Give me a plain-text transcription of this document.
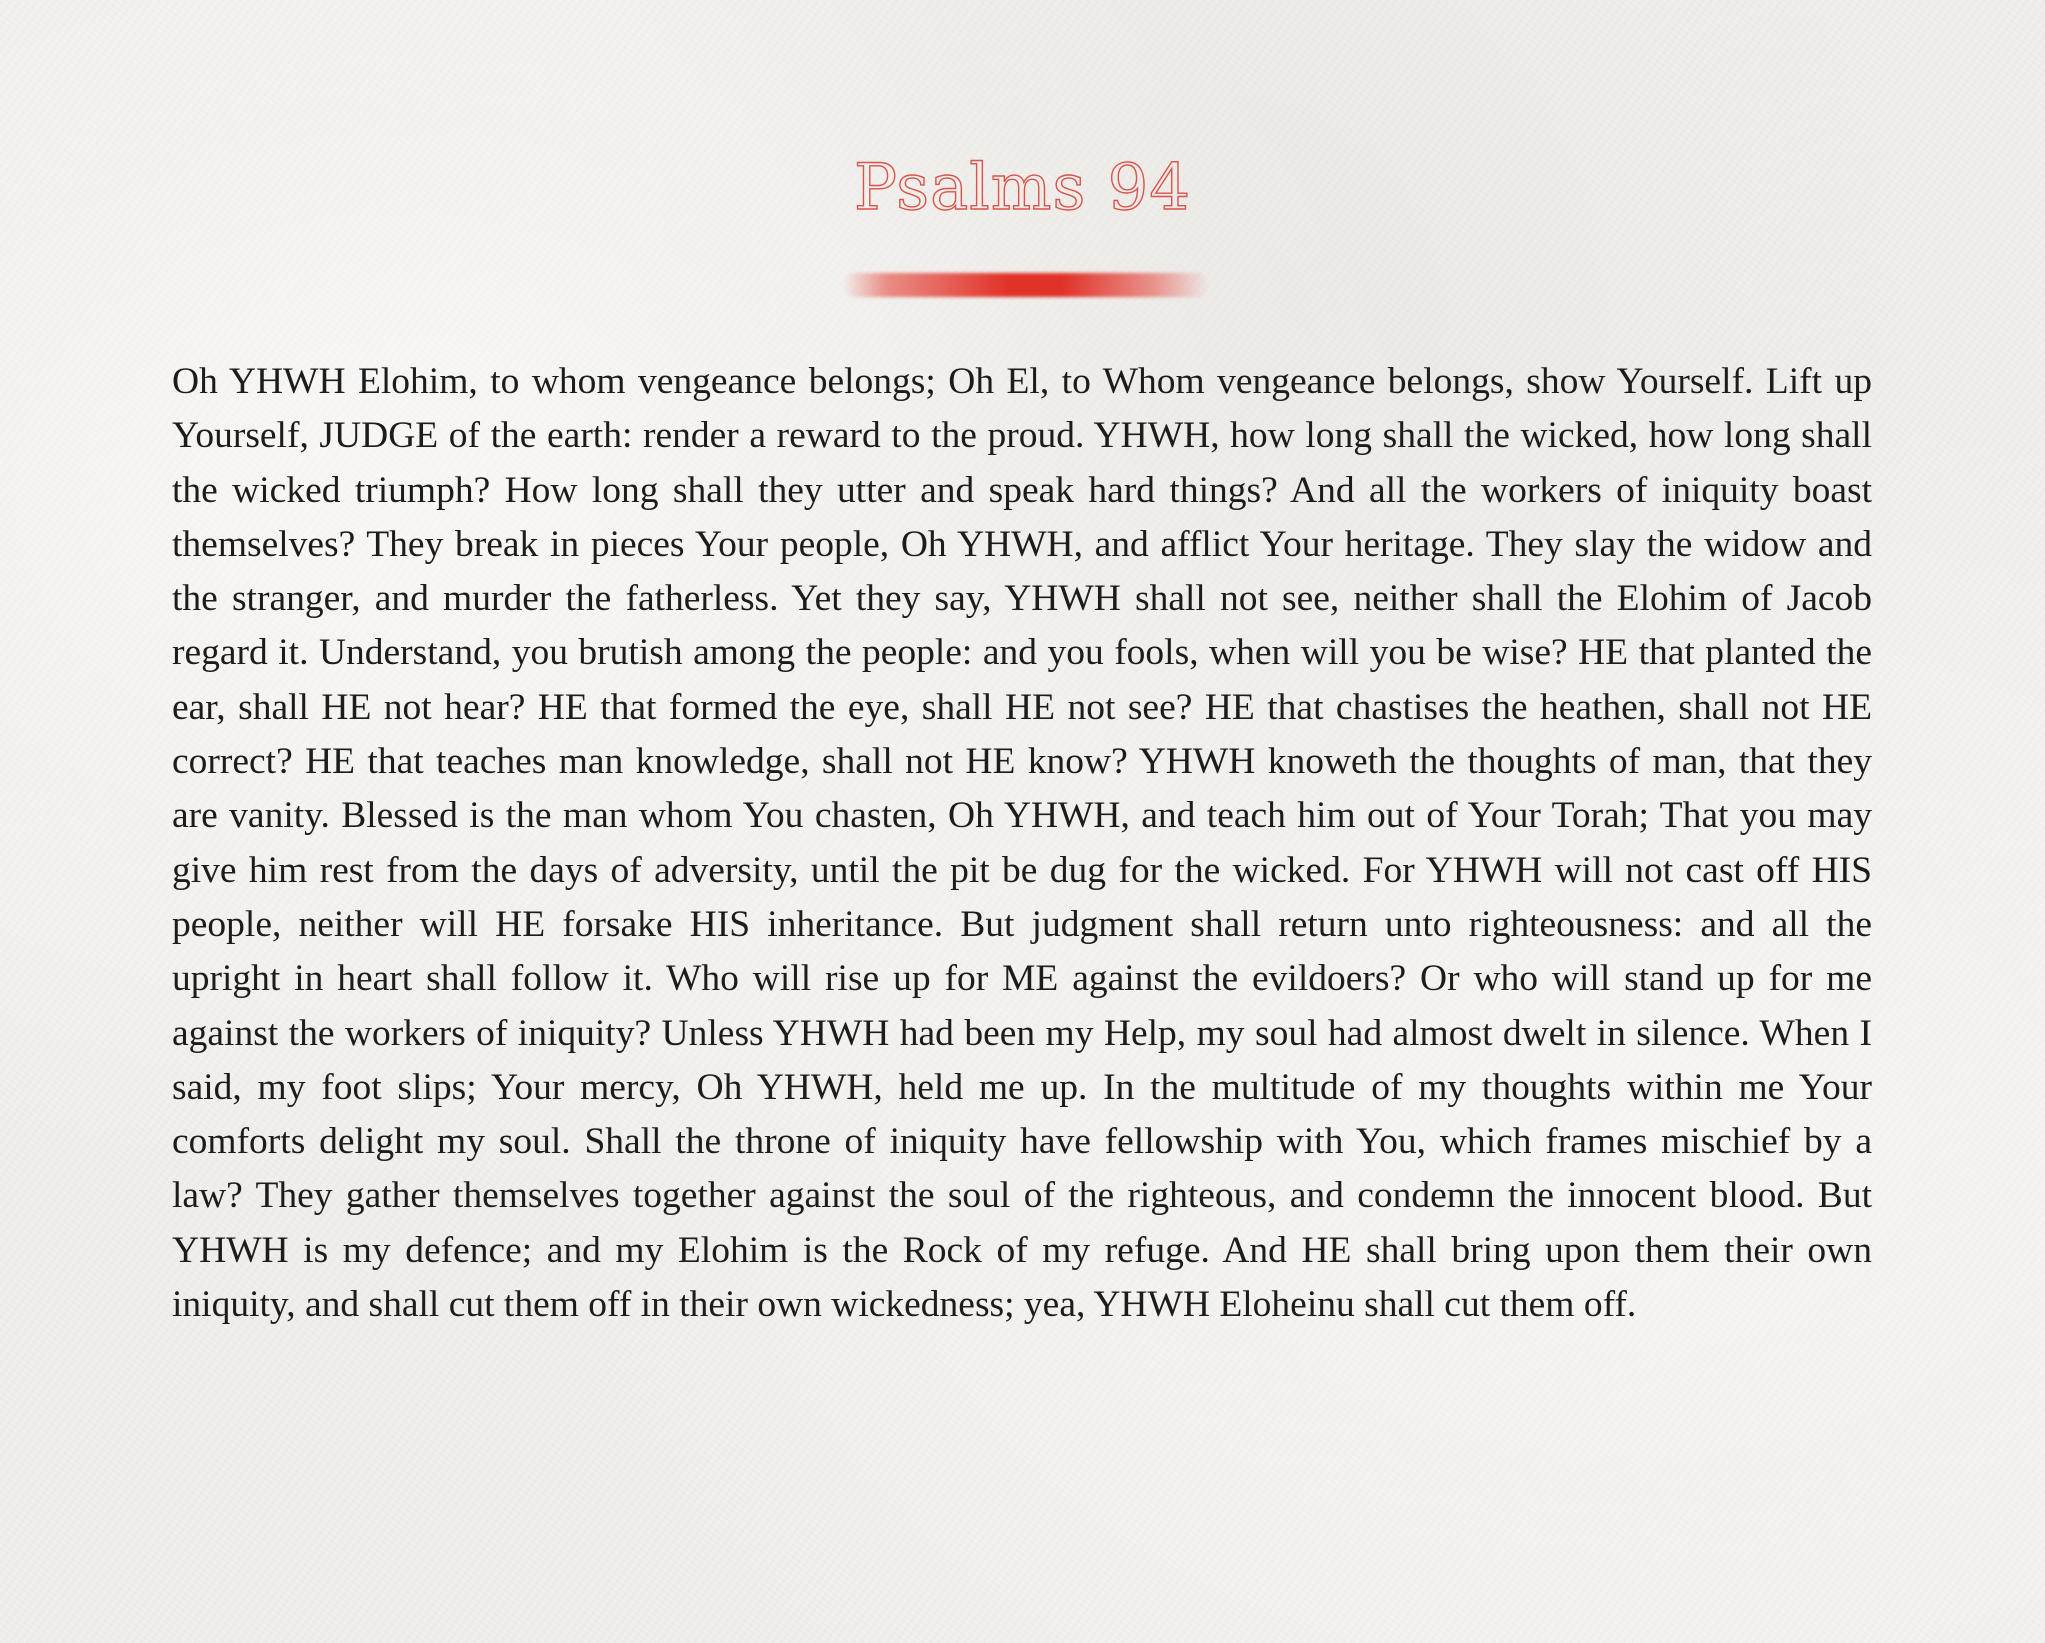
Psalms 94

Oh YHWH Elohim, to whom vengeance belongs; Oh El, to Whom vengeance belongs, show Yourself. Lift up Yourself, JUDGE of the earth: render a reward to the proud. YHWH, how long shall the wicked, how long shall the wicked triumph? How long shall they utter and speak hard things? And all the workers of iniquity boast themselves? They break in pieces Your people, Oh YHWH, and afflict Your heritage. They slay the widow and the stranger, and murder the fatherless. Yet they say, YHWH shall not see, neither shall the Elohim of Jacob regard it. Understand, you brutish among the people: and you fools, when will you be wise? HE that planted the ear, shall HE not hear? HE that formed the eye, shall HE not see? HE that chastises the heathen, shall not HE correct? HE that teaches man knowledge, shall not HE know? YHWH knoweth the thoughts of man, that they are vanity. Blessed is the man whom You chasten, Oh YHWH, and teach him out of Your Torah; That you may give him rest from the days of adversity, until the pit be dug for the wicked. For YHWH will not cast off HIS people, neither will HE forsake HIS inheritance. But judgment shall return unto righteousness: and all the upright in heart shall follow it. Who will rise up for ME against the evildoers? Or who will stand up for me against the workers of iniquity? Unless YHWH had been my Help, my soul had almost dwelt in silence. When I said, my foot slips; Your mercy, Oh YHWH, held me up. In the multitude of my thoughts within me Your comforts delight my soul. Shall the throne of iniquity have fellowship with You, which frames mischief by a law? They gather themselves together against the soul of the righteous, and condemn the innocent blood. But YHWH is my defence; and my Elohim is the Rock of my refuge. And HE shall bring upon them their own iniquity, and shall cut them off in their own wickedness; yea, YHWH Eloheinu shall cut them off.
